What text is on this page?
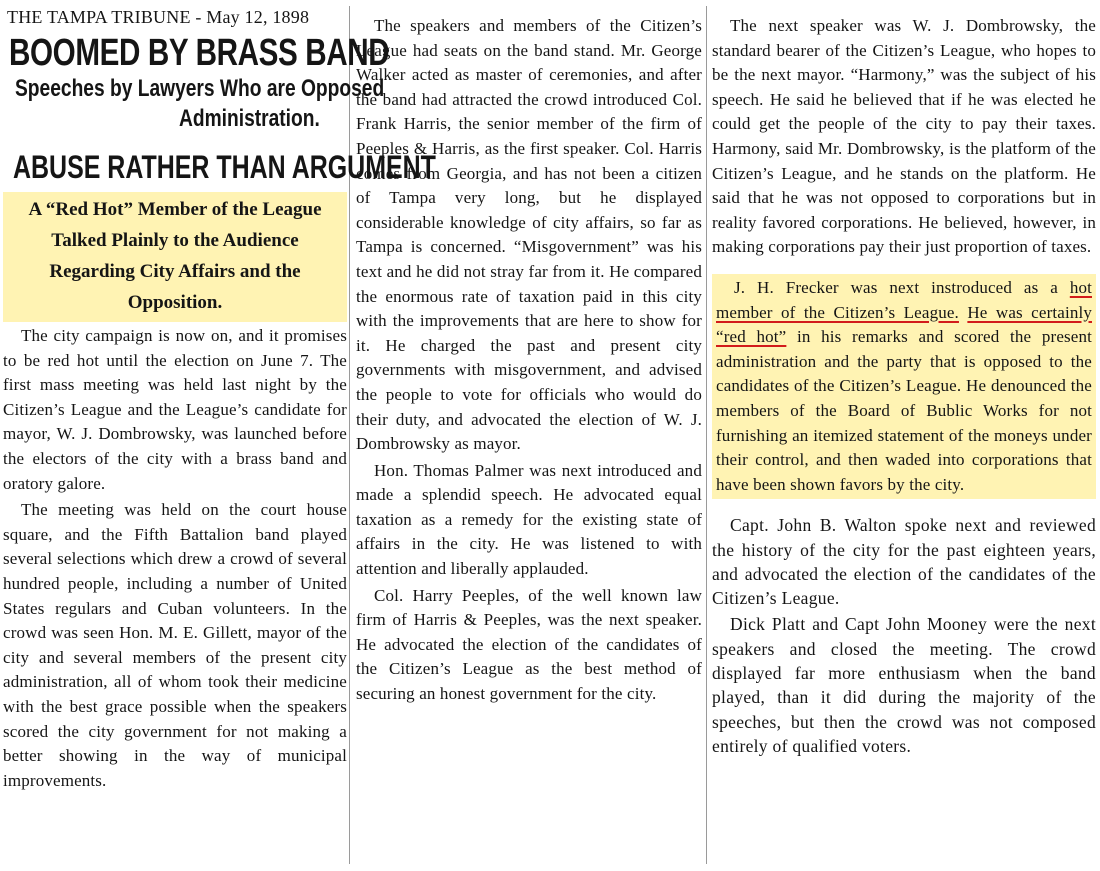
THE TAMPA TRIBUNE - May 12, 1898
BOOMED BY BRASS BAND
Speeches by Lawyers Who are Opposed
Administration.
ABUSE RATHER THAN ARGUMENT
A “Red Hot” Member of the League Talked Plainly to the Audience Regarding City Affairs and the Opposition.

The city campaign is now on, and it promises to be red hot until the election on June 7. The first mass meeting was held last night by the Citizen’s League and the League’s candidate for mayor, W. J. Dombrowsky, was launched before the electors of the city with a brass band and oratory galore.

The meeting was held on the court house square, and the Fifth Battalion band played several selections which drew a crowd of several hundred people, including a number of United States regulars and Cuban volunteers. In the crowd was seen Hon. M. E. Gillett, mayor of the city and several members of the present city administration, all of whom took their medicine with the best grace possible when the speakers scored the city government for not making a better showing in the way of municipal improvements.

The speakers and members of the Citizen’s League had seats on the band stand. Mr. George Walker acted as master of ceremonies, and after the band had attracted the crowd introduced Col. Frank Harris, the senior member of the firm of Peeples & Harris, as the first speaker. Col. Harris comes from Georgia, and has not been a citizen of Tampa very long, but he displayed considerable knowledge of city affairs, so far as Tampa is concerned. “Misgovernment” was his text and he did not stray far from it. He compared the enormous rate of taxation paid in this city with the improvements that are here to show for it. He charged the past and present city governments with misgovernment, and advised the people to vote for officials who would do their duty, and advocated the election of W. J. Dombrowsky as mayor.

Hon. Thomas Palmer was next introduced and made a splendid speech. He advocated equal taxation as a remedy for the existing state of affairs in the city. He was listened to with attention and liberally applauded.

Col. Harry Peeples, of the well known law firm of Harris & Peeples, was the next speaker. He advocated the election of the candidates of the Citizen’s League as the best method of securing an honest government for the city.

The next speaker was W. J. Dombrowsky, the standard bearer of the Citizen’s League, who hopes to be the next mayor. “Harmony,” was the subject of his speech. He said he believed that if he was elected he could get the people of the city to pay their taxes. Harmony, said Mr. Dombrowsky, is the platform of the Citizen’s League, and he stands on the platform. He said that he was not opposed to corporations but in reality favored corporations. He believed, however, in making corporations pay their just proportion of taxes.

J. H. Frecker was next instroduced as a hot member of the Citizen’s League. He was certainly “red hot” in his remarks and scored the present administration and the party that is opposed to the candidates of the Citizen’s League. He denounced the members of the Board of Bublic Works for not furnishing an itemized statement of the moneys under their control, and then waded into corporations that have been shown favors by the city.

Capt. John B. Walton spoke next and reviewed the history of the city for the past eighteen years, and advocated the election of the candidates of the Citizen’s League.

Dick Platt and Capt John Mooney were the next speakers and closed the meeting. The crowd displayed far more enthusiasm when the band played, than it did during the majority of the speeches, but then the crowd was not composed entirely of qualified voters.
